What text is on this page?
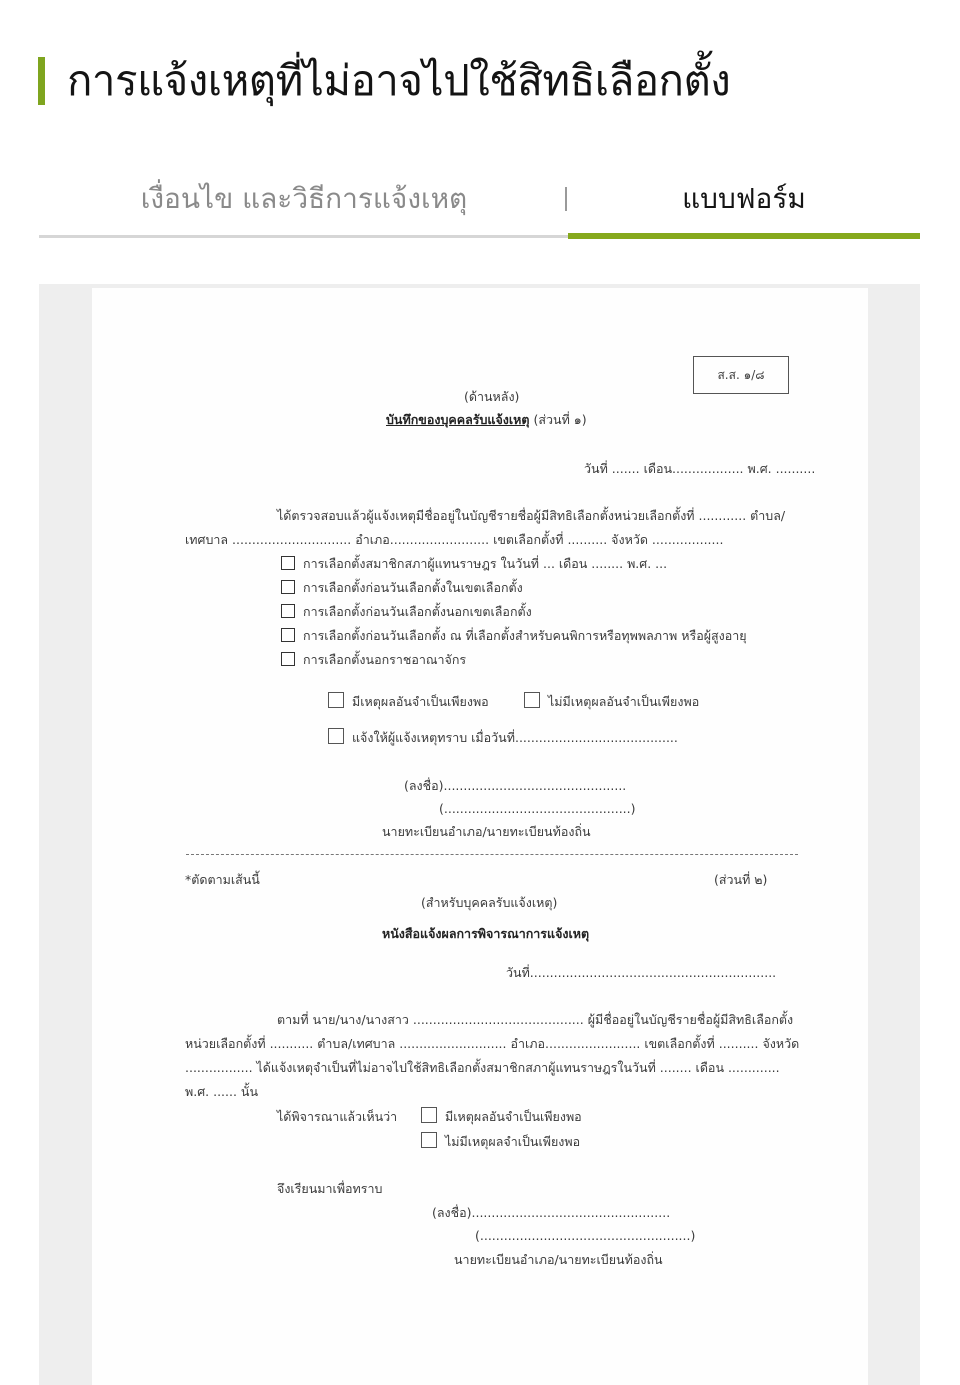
การแจ้งเหตุที่ไม่อาจไปใช้สิทธิเลือกตั้ง
เงื่อนไข และวิธีการแจ้งเหตุ	แบบฟอร์ม
ส.ส. ๑/๘
(ด้านหลัง)
บันทึกของบุคคลรับแจ้งเหตุ (ส่วนที่ ๑)
วันที่ ....... เดือน.................. พ.ศ. ..........
ได้ตรวจสอบแล้วผู้แจ้งเหตุมีชื่ออยู่ในบัญชีรายชื่อผู้มีสิทธิเลือกตั้งหน่วยเลือกตั้งที่ ............ ตำบล/
เทศบาล .............................. อำเภอ......................... เขตเลือกตั้งที่ .......... จังหวัด ..................
การเลือกตั้งสมาชิกสภาผู้แทนราษฎร ในวันที่ ... เดือน ........ พ.ศ. ...
การเลือกตั้งก่อนวันเลือกตั้งในเขตเลือกตั้ง
การเลือกตั้งก่อนวันเลือกตั้งนอกเขตเลือกตั้ง
การเลือกตั้งก่อนวันเลือกตั้ง ณ ที่เลือกตั้งสำหรับคนพิการหรือทุพพลภาพ หรือผู้สูงอายุ
การเลือกตั้งนอกราชอาณาจักร
มีเหตุผลอันจำเป็นเพียงพอ	ไม่มีเหตุผลอันจำเป็นเพียงพอ
แจ้งให้ผู้แจ้งเหตุทราบ เมื่อวันที่.........................................
(ลงชื่อ)..............................................
(...............................................)
นายทะเบียนอำเภอ/นายทะเบียนท้องถิ่น
*ตัดตามเส้นนี้	(ส่วนที่ ๒)
(สำหรับบุคคลรับแจ้งเหตุ)
หนังสือแจ้งผลการพิจารณาการแจ้งเหตุ
วันที่..............................................................
ตามที่ นาย/นาง/นางสาว ........................................... ผู้มีชื่ออยู่ในบัญชีรายชื่อผู้มีสิทธิเลือกตั้ง
หน่วยเลือกตั้งที่ ........... ตำบล/เทศบาล ........................... อำเภอ........................ เขตเลือกตั้งที่ .......... จังหวัด
................. ได้แจ้งเหตุจำเป็นที่ไม่อาจไปใช้สิทธิเลือกตั้งสมาชิกสภาผู้แทนราษฎรในวันที่ ........ เดือน .............
พ.ศ. ...... นั้น
ได้พิจารณาแล้วเห็นว่า	มีเหตุผลอันจำเป็นเพียงพอ
ไม่มีเหตุผลจำเป็นเพียงพอ
จึงเรียนมาเพื่อทราบ
(ลงชื่อ)..................................................
(.....................................................)
นายทะเบียนอำเภอ/นายทะเบียนท้องถิ่น
